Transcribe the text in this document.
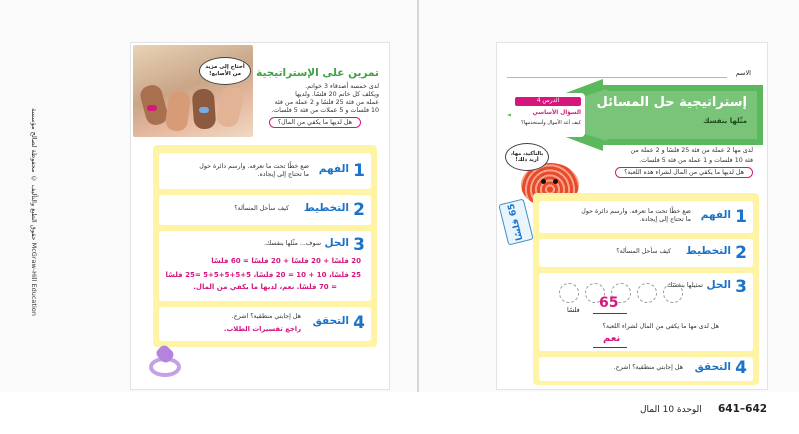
حقوق الطبع والتأليف © محفوظة لصالح مؤسسة McGraw-Hill Education
أحتاج إلى مزيد من الأصابع!	تمرين على الإستراتيجية
لدى خمسة أصدقاء 3 خواتم.
ويكلف كل خاتم 20 فلسًا. ولديها
عملة من فئة 25 فلسًا و 2 عملة من فئة
10 فلسات و 5 عملات من فئة 5 فلسات.
هل لديها ما يكفي من المال؟
1
الفهم
ضع خطًا تحت ما تعرفه. وارسم دائرة حول ما تحتاج إلى إيجاده.
2
التخطيط
كيف سأحل المسألة؟
3
الحل
سوف... مثّلها بنفسك.
20 فلسًا + 20 فلسًا + 20 فلسًا = 60 فلسًا
25 فلسًا، 10 + 10 = 20 فلسًا، 5+5+5+5+5 =25 فلسًا
= 70 فلسًا. نعم، لديها ما يكفي من المال.
4
التحقق
هل إجابتي منطقية؟ اشرح.
راجع تفسيرات الطلاب.
الاسم
الدرس 4
السؤال الأساسي
كيف أعد الأموال وأستخدمها؟
إستراتيجية حل المسائل
مثّلها بنفسك
بالتأكيد، مها، أريد ذلك!
65 فلسًا
لدى مها 2 عملة من فئة 25 فلسًا و 2 عملة من
فئة 10 فلسات و 1 عملة من فئة 5 فلسات.
هل لديها ما يكفي من المال لشراء هذه اللعبة؟
1
الفهم
ضع خطًا تحت ما تعرفه. وارسم دائرة حول ما تحتاج إلى إيجاده.
2
التخطيط
كيف سأحل المسألة؟
3
الحل
تمثيلها بنفسك
65
فلسًا
هل لدى مها ما يكفي من المال لشراء اللعبة؟
نعم
4
التحقق
هل إجابتي منطقية؟ اشرح.
الوحدة 10 المال 641–642
